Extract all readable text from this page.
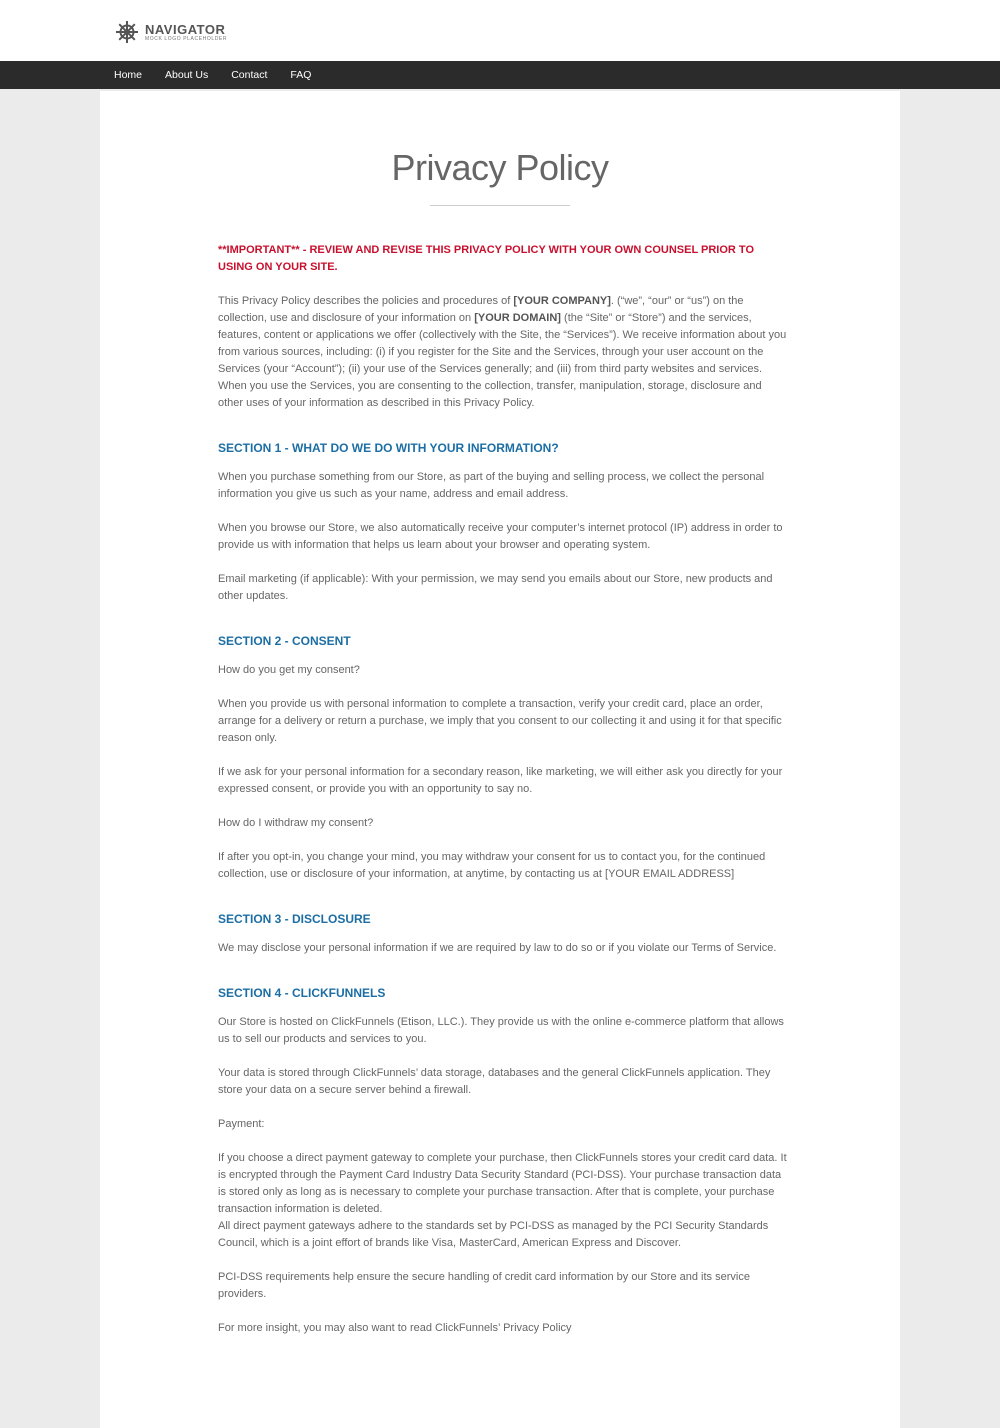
NAVIGATOR
MOCK LOGO PLACEHOLDER
Home About Us Contact FAQ
Privacy Policy

**IMPORTANT** - REVIEW AND REVISE THIS PRIVACY POLICY WITH YOUR OWN COUNSEL PRIOR TO USING ON YOUR SITE.

This Privacy Policy describes the policies and procedures of [YOUR COMPANY]. (“we”, “our” or “us”) on the collection, use and disclosure of your information on [YOUR DOMAIN] (the “Site” or “Store”) and the services, features, content or applications we offer (collectively with the Site, the “Services”). We receive information about you from various sources, including: (i) if you register for the Site and the Services, through your user account on the Services (your “Account”); (ii) your use of the Services generally; and (iii) from third party websites and services. When you use the Services, you are consenting to the collection, transfer, manipulation, storage, disclosure and other uses of your information as described in this Privacy Policy.

SECTION 1 - WHAT DO WE DO WITH YOUR INFORMATION?

When you purchase something from our Store, as part of the buying and selling process, we collect the personal information you give us such as your name, address and email address.

When you browse our Store, we also automatically receive your computer’s internet protocol (IP) address in order to provide us with information that helps us learn about your browser and operating system.

Email marketing (if applicable): With your permission, we may send you emails about our Store, new products and other updates.

SECTION 2 - CONSENT

How do you get my consent?

When you provide us with personal information to complete a transaction, verify your credit card, place an order, arrange for a delivery or return a purchase, we imply that you consent to our collecting it and using it for that specific reason only.

If we ask for your personal information for a secondary reason, like marketing, we will either ask you directly for your expressed consent, or provide you with an opportunity to say no.

How do I withdraw my consent?

If after you opt-in, you change your mind, you may withdraw your consent for us to contact you, for the continued collection, use or disclosure of your information, at anytime, by contacting us at [YOUR EMAIL ADDRESS]

SECTION 3 - DISCLOSURE

We may disclose your personal information if we are required by law to do so or if you violate our Terms of Service.

SECTION 4 - CLICKFUNNELS

Our Store is hosted on ClickFunnels (Etison, LLC.). They provide us with the online e-commerce platform that allows us to sell our products and services to you.

Your data is stored through ClickFunnels’ data storage, databases and the general ClickFunnels application. They store your data on a secure server behind a firewall.

Payment:

If you choose a direct payment gateway to complete your purchase, then ClickFunnels stores your credit card data. It is encrypted through the Payment Card Industry Data Security Standard (PCI-DSS). Your purchase transaction data is stored only as long as is necessary to complete your purchase transaction. After that is complete, your purchase transaction information is deleted.

All direct payment gateways adhere to the standards set by PCI-DSS as managed by the PCI Security Standards Council, which is a joint effort of brands like Visa, MasterCard, American Express and Discover.

PCI-DSS requirements help ensure the secure handling of credit card information by our Store and its service providers.

For more insight, you may also want to read ClickFunnels’ Privacy Policy
